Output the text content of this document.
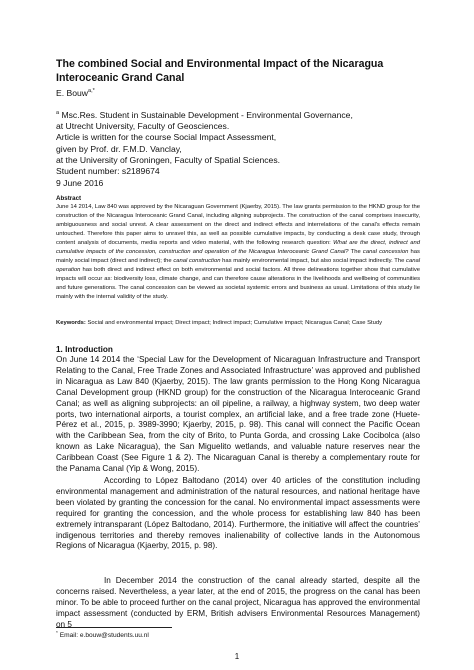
The combined Social and Environmental Impact of the Nicaragua Interoceanic Grand Canal
E. Bouw$^{a,*}$
$^a$ Msc.Res. Student in Sustainable Development - Environmental Governance,
at Utrecht University, Faculty of Geosciences.
Article is written for the course Social Impact Assessment,
given by Prof. dr. F.M.D. Vanclay,
at the University of Groningen, Faculty of Spatial Sciences.
Student number: s2189674
9 June 2016
Abstract
June 14 2014, Law 840 was approved by the Nicaraguan Government (Kjaerby, 2015). The law grants permission to the HKND group for the construction of the Nicaragua Interoceanic Grand Canal, including aligning subprojects. The construction of the canal comprises insecurity, ambiguousness and social unrest. A clear assessment on the direct and indirect effects and interrelations of the canal's effects remain untouched. Therefore this paper aims to unravel this, as well as possible cumulative impacts, by conducting a desk case study, through content analysis of documents, media reports and video material, with the following research question: What are the direct, indirect and cumulative impacts of the concession, construction and operation of the Nicaragua Interoceanic Grand Canal? The canal concession has mainly social impact (direct and indirect); the canal construction has mainly environmental impact, but also social impact indirectly. The canal operation has both direct and indirect effect on both environmental and social factors. All three delineations together show that cumulative impacts will occur as: biodiversity loss, climate change, and can therefore cause alterations in the livelihoods and wellbeing of communities and future generations. The canal concession can be viewed as societal systemic errors and business as usual. Limitations of this study lie mainly with the internal validity of the study.
Keywords: Social and environmental impact; Direct impact; Indirect impact; Cumulative impact; Nicaragua Canal; Case Study
1. Introduction
On June 14 2014 the ‘Special Law for the Development of Nicaraguan Infrastructure and Transport Relating to the Canal, Free Trade Zones and Associated Infrastructure’ was approved and published in Nicaragua as Law 840 (Kjaerby, 2015). The law grants permission to the Hong Kong Nicaragua Canal Development group (HKND group) for the construction of the Nicaragua Interoceanic Grand Canal; as well as aligning subprojects: an oil pipeline, a railway, a highway system, two deep water ports, two international airports, a tourist complex, an artificial lake, and a free trade zone (Huete-Pérez et al., 2015, p. 3989-3990; Kjaerby, 2015, p. 98). This canal will connect the Pacific Ocean with the Caribbean Sea, from the city of Brito, to Punta Gorda, and crossing Lake Cocibolca (also known as Lake Nicaragua), the San Miguelito wetlands, and valuable nature reserves near the Caribbean Coast (See Figure 1 & 2). The Nicaraguan Canal is thereby a complementary route for the Panama Canal (Yip & Wong, 2015).
According to López Baltodano (2014) over 40 articles of the constitution including environmental management and administration of the natural resources, and national heritage have been violated by granting the concession for the canal. No environmental impact assessments were required for granting the concession, and the whole process for establishing law 840 has been extremely intransparant (López Baltodano, 2014). Furthermore, the initiative will affect the countries’ indigenous territories and thereby removes inalienability of collective lands in the Autonomous Regions of Nicaragua (Kjaerby, 2015, p. 98).
In December 2014 the construction of the canal already started, despite all the concerns raised. Nevertheless, a year later, at the end of 2015, the progress on the canal has been minor. To be able to proceed further on the canal project, Nicaragua has approved the environmental impact assessment (conducted by ERM, British advisers Environmental Resources Management) on 5
* Email: e.bouw@students.uu.nl
1
